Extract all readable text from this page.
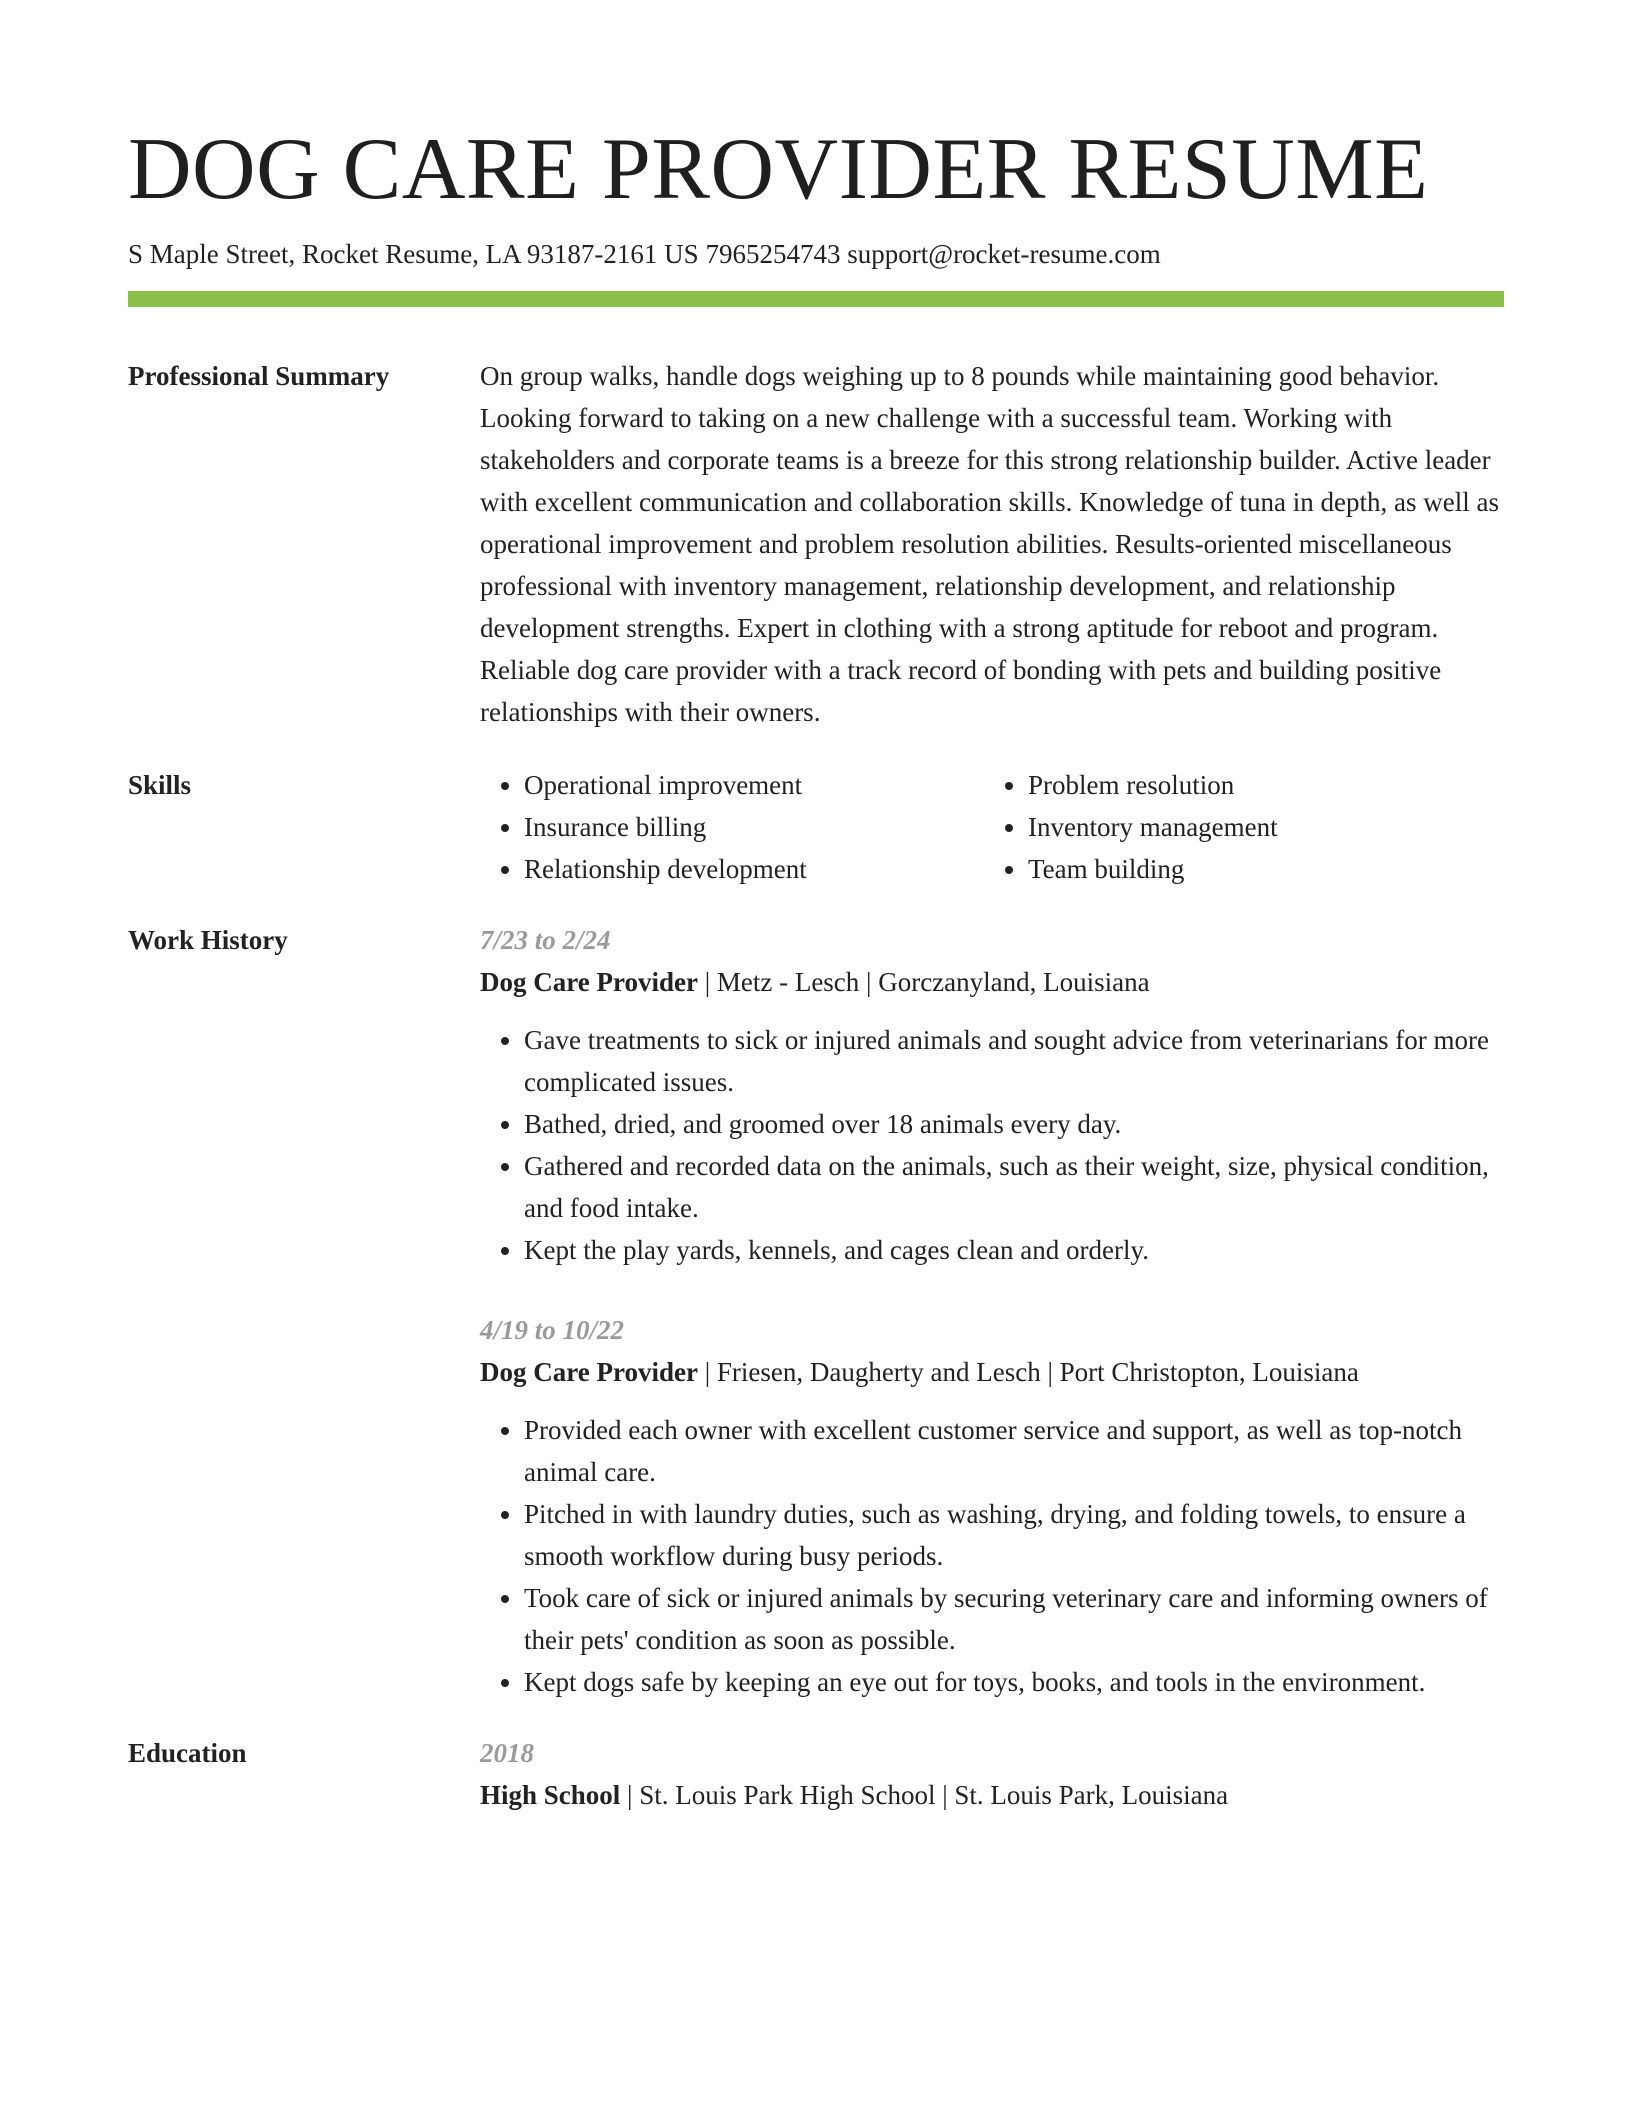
DOG CARE PROVIDER RESUME
S Maple Street, Rocket Resume, LA 93187-2161 US 7965254743 support@rocket-resume.com
Professional Summary	On group walks, handle dogs weighing up to 8 pounds while maintaining good behavior. Looking forward to taking on a new challenge with a successful team. Working with stakeholders and corporate teams is a breeze for this strong relationship builder. Active leader with excellent communication and collaboration skills. Knowledge of tuna in depth, as well as operational improvement and problem resolution abilities. Results-oriented miscellaneous professional with inventory management, relationship development, and relationship development strengths. Expert in clothing with a strong aptitude for reboot and program. Reliable dog care provider with a track record of bonding with pets and building positive relationships with their owners.

Skills
•	Operational improvement
• Insurance billing
• Relationship development
• Problem resolution
• Inventory management
• Team building
Work History	7/23 to 2/24
Dog Care Provider | Metz - Lesch | Gorczanyland, Louisiana
• Gave treatments to sick or injured animals and sought advice from veterinarians for more complicated issues.
• Bathed, dried, and groomed over 18 animals every day.
• Gathered and recorded data on the animals, such as their weight, size, physical condition, and food intake.
• Kept the play yards, kennels, and cages clean and orderly.
4/19 to 10/22
Dog Care Provider | Friesen, Daugherty and Lesch | Port Christopton, Louisiana
• Provided each owner with excellent customer service and support, as well as top-notch animal care.
• Pitched in with laundry duties, such as washing, drying, and folding towels, to ensure a smooth workflow during busy periods.
• Took care of sick or injured animals by securing veterinary care and informing owners of their pets' condition as soon as possible.
• Kept dogs safe by keeping an eye out for toys, books, and tools in the environment.
Education	2018
High School | St. Louis Park High School | St. Louis Park, Louisiana
